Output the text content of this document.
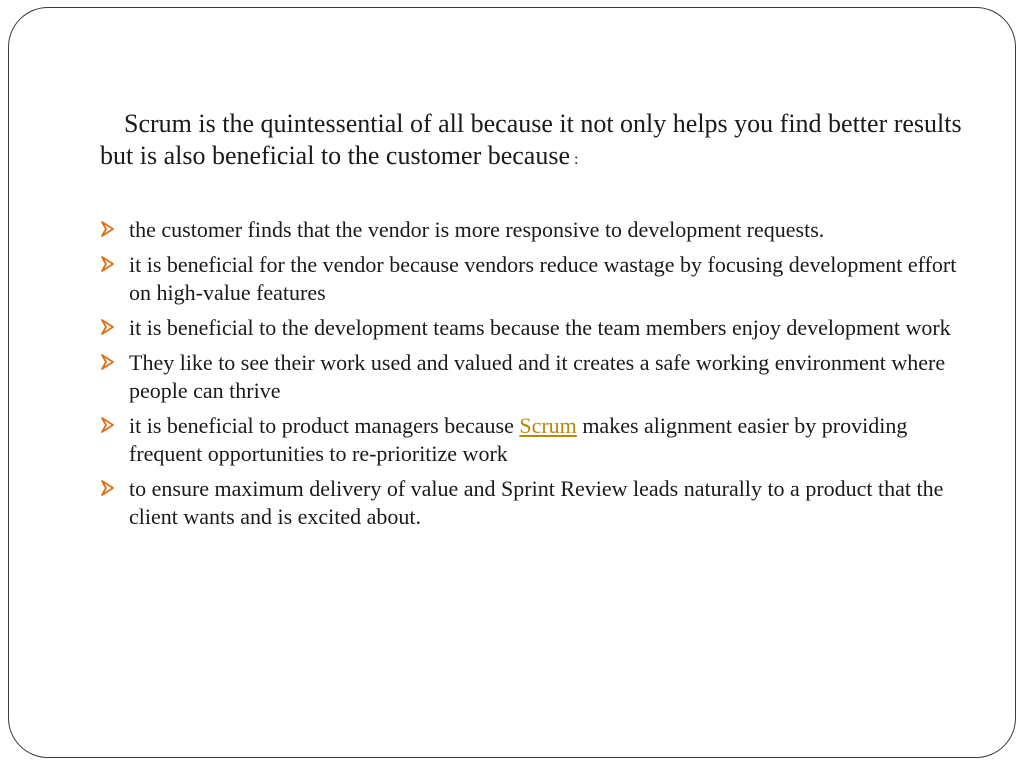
Scrum is the quintessential of all because it not only helps you find better results but is also beneficial to the customer because :

the customer finds that the vendor is more responsive to development requests.
it is beneficial for the vendor because vendors reduce wastage by focusing development effort on high-value features
it is beneficial to the development teams because the team members enjoy development work
They like to see their work used and valued and it creates a safe working environment where people can thrive
it is beneficial to product managers because Scrum makes alignment easier by providing frequent opportunities to re-prioritize work
to ensure maximum delivery of value and Sprint Review leads naturally to a product that the client wants and is excited about.
